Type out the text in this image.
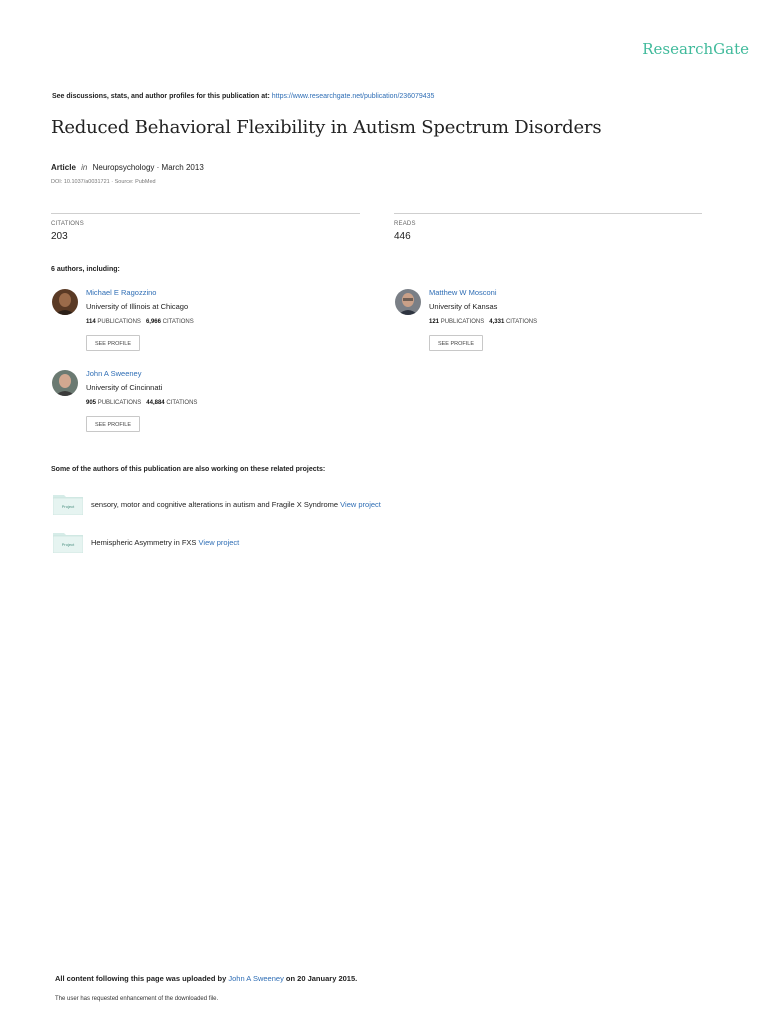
ResearchGate
See discussions, stats, and author profiles for this publication at: https://www.researchgate.net/publication/236079435
Reduced Behavioral Flexibility in Autism Spectrum Disorders
Article in Neuropsychology · March 2013
DOI: 10.1037/a0031721 · Source: PubMed
CITATIONS
203
READS
446
6 authors, including:
Michael E Ragozzino
University of Illinois at Chicago
114 PUBLICATIONS 6,966 CITATIONS
SEE PROFILE
Matthew W Mosconi
University of Kansas
121 PUBLICATIONS 4,331 CITATIONS
SEE PROFILE
John A Sweeney
University of Cincinnati
905 PUBLICATIONS 44,884 CITATIONS
SEE PROFILE
Some of the authors of this publication are also working on these related projects:
Project sensory, motor and cognitive alterations in autism and Fragile X Syndrome View project
Project Hemispheric Asymmetry in FXS View project
All content following this page was uploaded by John A Sweeney on 20 January 2015.
The user has requested enhancement of the downloaded file.
